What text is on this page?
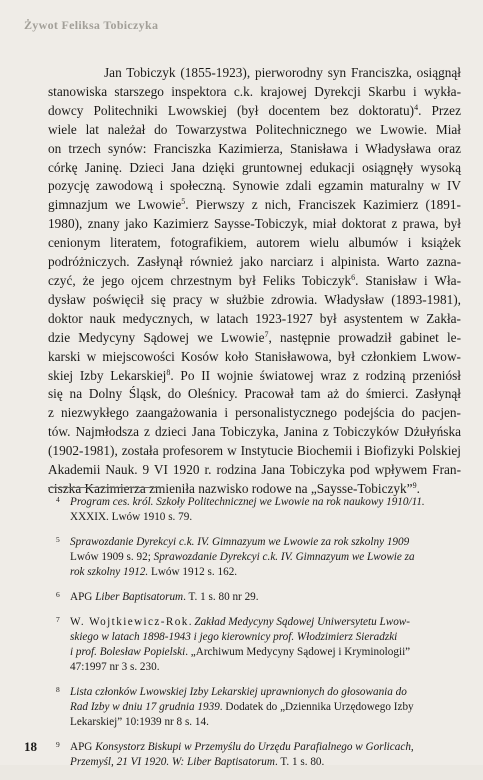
Żywot Feliksa Tobiczyka
Jan Tobiczyk (1855-1923), pierworodny syn Franciszka, osiągnął
stanowiska starszego inspektora c.k. krajowej Dyrekcji Skarbu i wykła-
dowcy Politechniki Lwowskiej (był docentem bez doktoratu)$^4$. Przez
wiele lat należał do Towarzystwa Politechnicznego we Lwowie. Miał
on trzech synów: Franciszka Kazimierza, Stanisława i Władysława oraz
córkę Janinę. Dzieci Jana dzięki gruntownej edukacji osiągnęły wysoką
pozycję zawodową i społeczną. Synowie zdali egzamin maturalny w IV
gimnazjum we Lwowie$^5$. Pierwszy z nich, Franciszek Kazimierz (1891-
1980), znany jako Kazimierz Saysse-Tobiczyk, miał doktorat z prawa, był
cenionym literatem, fotografikiem, autorem wielu albumów i książek
podróżniczych. Zasłynął również jako narciarz i alpinista. Warto zazna-
czyć, że jego ojcem chrzestnym był Feliks Tobiczyk$^6$. Stanisław i Wła-
dysław poświęcił się pracy w służbie zdrowia. Władysław (1893-1981),
doktor nauk medycznych, w latach 1923-1927 był asystentem w Zakła-
dzie Medycyny Sądowej we Lwowie$^7$, następnie prowadził gabinet le-
karski w miejscowości Kosów koło Stanisławowa, był członkiem Lwow-
skiej Izby Lekarskiej$^8$. Po II wojnie światowej wraz z rodziną przeniósł
się na Dolny Śląsk, do Oleśnicy. Pracował tam aż do śmierci. Zasłynął
z niezwykłego zaangażowania i personalistycznego podejścia do pacjen-
tów. Najmłodsza z dzieci Jana Tobiczyka, Janina z Tobiczyków Dżułyńska
(1902-1981), została profesorem w Instytucie Biochemii i Biofizyki Polskiej
Akademii Nauk. 9 VI 1920 r. rodzina Jana Tobiczyka pod wpływem Fran-
ciszka Kazimierza zmieniła nazwisko rodowe na „Saysse-Tobiczyk”$^9$.
4 Program ces. król. Szkoły Politechnicznej we Lwowie na rok naukowy 1910/11.
XXXIX. Lwów 1910 s. 79.
5 Sprawozdanie Dyrekcyi c.k. IV. Gimnazyum we Lwowie za rok szkolny 1909
Lwów 1909 s. 92; Sprawozdanie Dyrekcyi c.k. IV. Gimnazyum we Lwowie za
rok szkolny 1912. Lwów 1912 s. 162.
6 APG Liber Baptisatorum. T. 1 s. 80 nr 29.
7 W. Wojtkiewicz-Rok. Zakład Medycyny Sądowej Uniwersytetu Lwow-
skiego w latach 1898-1943 i jego kierownicy prof. Włodzimierz Sieradzki
i prof. Bolesław Popielski. „Archiwum Medycyny Sądowej i Kryminologii”
47:1997 nr 3 s. 230.
8 Lista członków Lwowskiej Izby Lekarskiej uprawnionych do głosowania do
Rad Izby w dniu 17 grudnia 1939. Dodatek do „Dziennika Urzędowego Izby
Lekarskiej” 10:1939 nr 8 s. 14.
9 APG Konsystorz Biskupi w Przemyślu do Urzędu Parafialnego w Gorlicach,
Przemyśl, 21 VI 1920. W: Liber Baptisatorum. T. 1 s. 80.
18
